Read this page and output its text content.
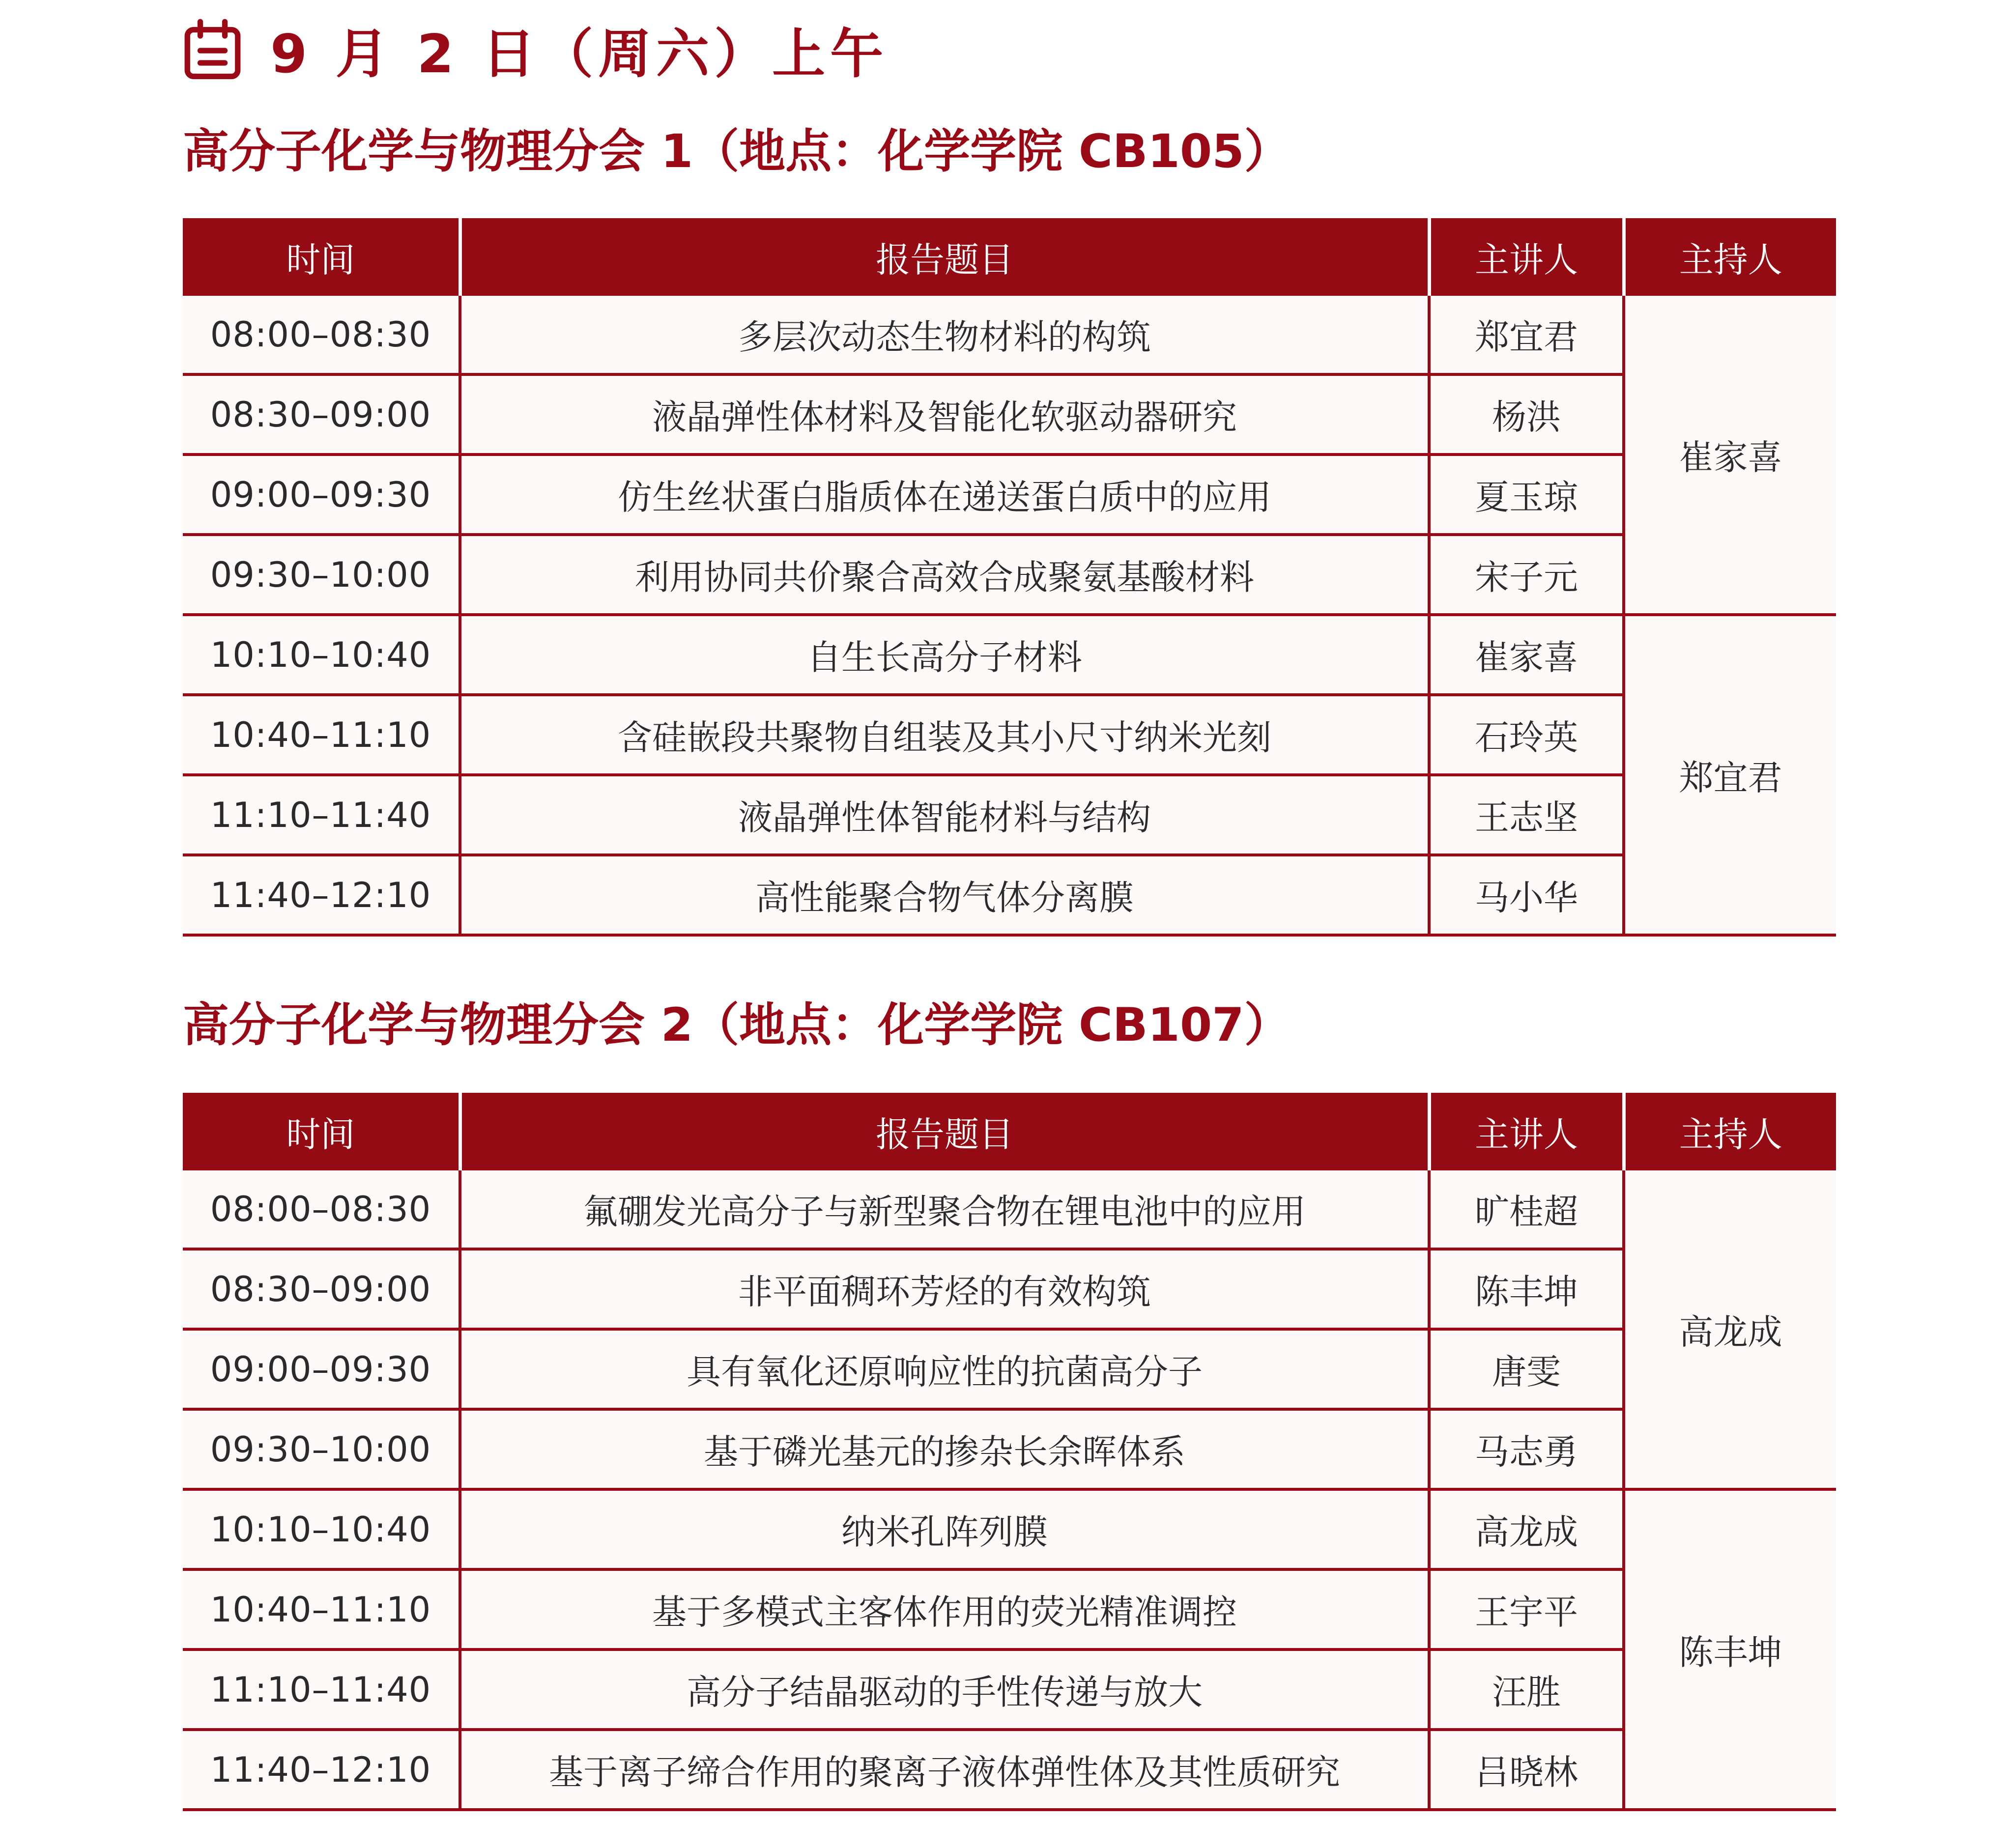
9 月 2 日（周六）上午
高分子化学与物理分会 1（地点：化学学院 CB105）
时间	报告题目	主讲人	主持人
08:00–08:30	多层次动态生物材料的构筑	郑宜君	崔家喜
08:30–09:00	液晶弹性体材料及智能化软驱动器研究	杨洪	
09:00–09:30	仿生丝状蛋白脂质体在递送蛋白质中的应用	夏玉琼	
09:30–10:00	利用协同共价聚合高效合成聚氨基酸材料	宋子元	
10:10–10:40	自生长高分子材料	崔家喜	郑宜君
10:40–11:10	含硅嵌段共聚物自组装及其小尺寸纳米光刻	石玲英	
11:10–11:40	液晶弹性体智能材料与结构	王志坚	
11:40–12:10	高性能聚合物气体分离膜	马小华	
高分子化学与物理分会 2（地点：化学学院 CB107）
时间	报告题目	主讲人	主持人
08:00–08:30	氟硼发光高分子与新型聚合物在锂电池中的应用	旷桂超	高龙成
08:30–09:00	非平面稠环芳烃的有效构筑	陈丰坤	
09:00–09:30	具有氧化还原响应性的抗菌高分子	唐雯	
09:30–10:00	基于磷光基元的掺杂长余晖体系	马志勇	
10:10–10:40	纳米孔阵列膜	高龙成	陈丰坤
10:40–11:10	基于多模式主客体作用的荧光精准调控	王宇平	
11:10–11:40	高分子结晶驱动的手性传递与放大	汪胜	
11:40–12:10	基于离子缔合作用的聚离子液体弹性体及其性质研究	吕晓林	
